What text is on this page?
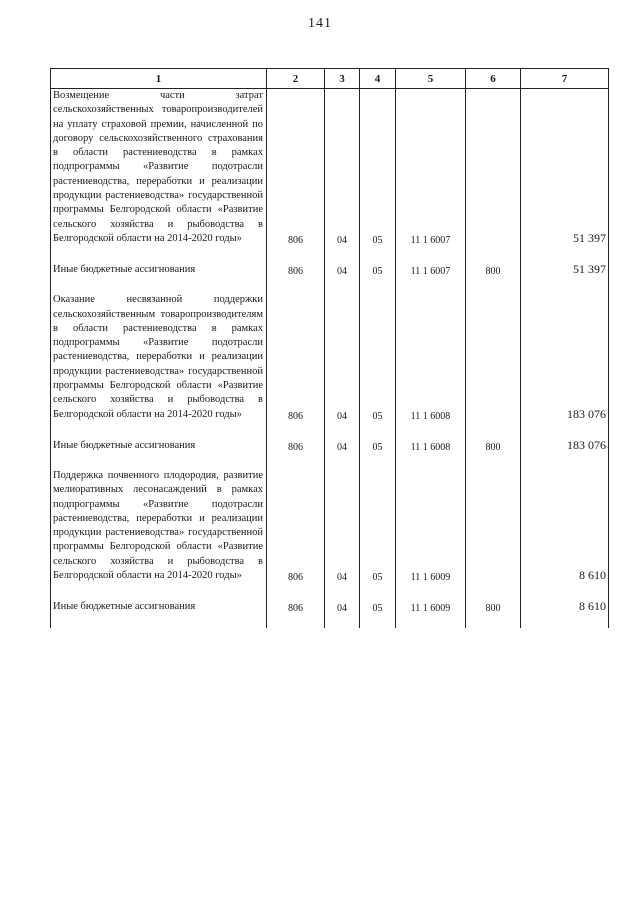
141
1	2	3	4	5	6	7
Возмещение части затрат сельскохозяйственных товаропроизводителей на уплату страховой премии, начисленной по договору сельскохозяйственного страхования в области растениеводства в рамках подпрограммы «Развитие подотрасли растениеводства, переработки и реализации продукции растениеводства» государственной программы Белгородской области «Развитие сельского хозяйства и рыбоводства в Белгородской области на 2014-2020 годы»	806	04	05	11 1 6007		51 397

Иные бюджетные ассигнования	806	04	05	11 1 6007	800	51 397

Оказание несвязанной поддержки сельскохозяйственным товаропроизводителям в области растениеводства в рамках подпрограммы «Развитие подотрасли растениеводства, переработки и реализации продукции растениеводства» государственной программы Белгородской области «Развитие сельского хозяйства и рыбоводства в Белгородской области на 2014-2020 годы»	806	04	05	11 1 6008		183 076

Иные бюджетные ассигнования	806	04	05	11 1 6008	800	183 076

Поддержка почвенного плодородия, развитие мелиоративных лесонасаждений в рамках подпрограммы «Развитие подотрасли растениеводства, переработки и реализации продукции растениеводства» государственной программы Белгородской области «Развитие сельского хозяйства и рыбоводства в Белгородской области на 2014-2020 годы»	806	04	05	11 1 6009		8 610

Иные бюджетные ассигнования	806	04	05	11 1 6009	800	8 610
